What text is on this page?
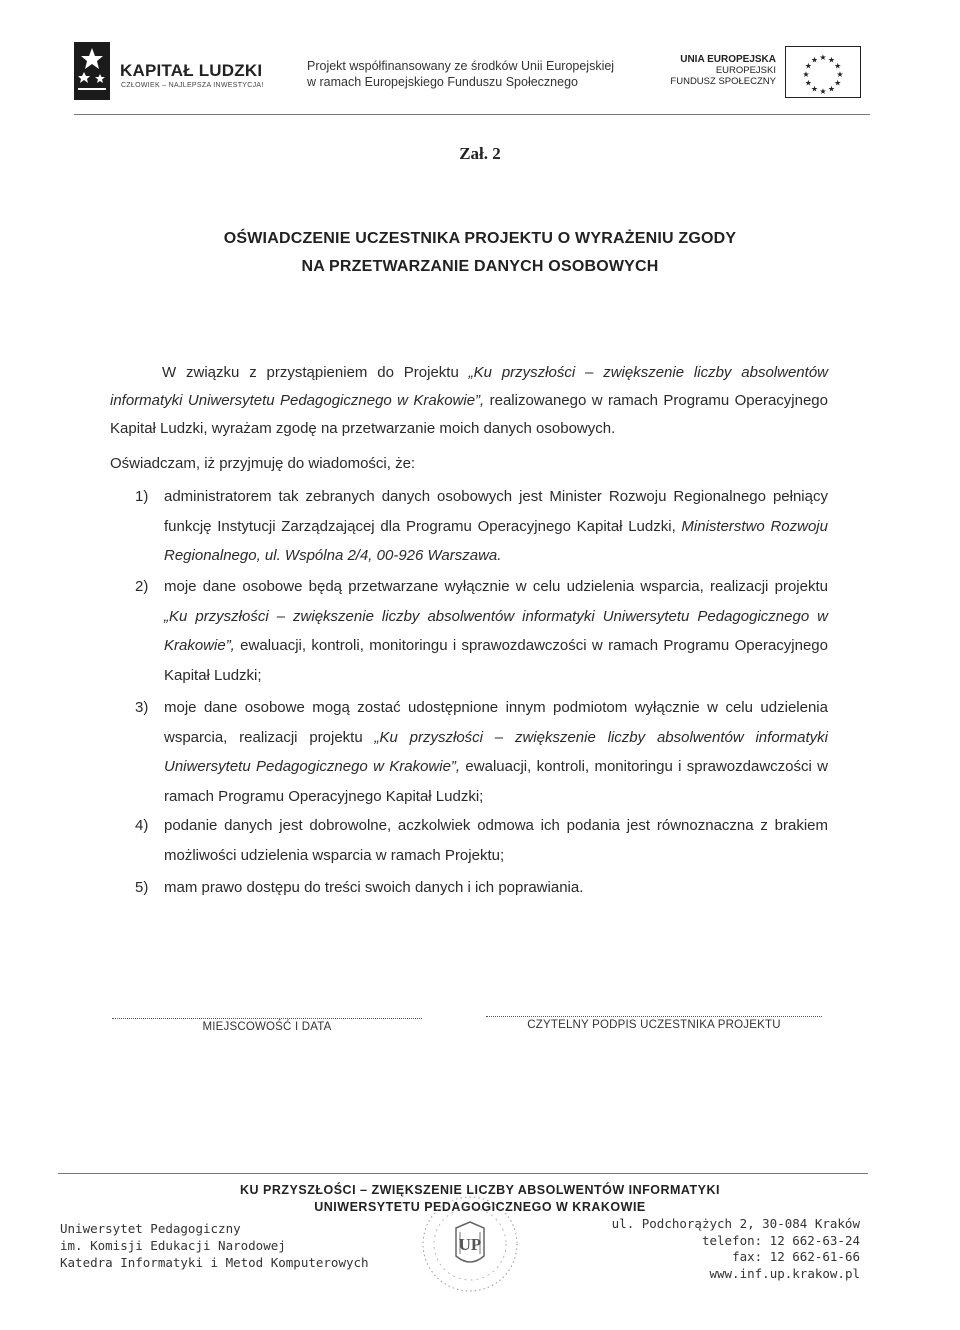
KAPITAŁ LUDZKI
CZŁOWIEK – NAJLEPSZA INWESTYCJA!
Projekt współfinansowany ze środków Unii Europejskiej
w ramach Europejskiego Funduszu Społecznego
UNIA EUROPEJSKA
EUROPEJSKI
FUNDUSZ SPOŁECZNY
★ ★
★
★
★
★
★
★
★
★
★
★
Zał. 2
OŚWIADCZENIE UCZESTNIKA PROJEKTU O WYRAŻENIU ZGODY
NA PRZETWARZANIE DANYCH OSOBOWYCH
W związku z przystąpieniem do Projektu „Ku przyszłości – zwiększenie liczby absolwentów informatyki Uniwersytetu Pedagogicznego w Krakowie”, realizowanego w ramach Programu Operacyjnego Kapitał Ludzki, wyrażam zgodę na przetwarzanie moich danych osobowych.
Oświadczam, iż przyjmuję do wiadomości, że:
1) administratorem tak zebranych danych osobowych jest Minister Rozwoju Regionalnego pełniący funkcję Instytucji Zarządzającej dla Programu Operacyjnego Kapitał Ludzki, Ministerstwo Rozwoju Regionalnego, ul. Wspólna 2/4, 00-926 Warszawa.
2) moje dane osobowe będą przetwarzane wyłącznie w celu udzielenia wsparcia, realizacji projektu „Ku przyszłości – zwiększenie liczby absolwentów informatyki Uniwersytetu Pedagogicznego w Krakowie”, ewaluacji, kontroli, monitoringu i sprawozdawczości w ramach Programu Operacyjnego Kapitał Ludzki;
3) moje dane osobowe mogą zostać udostępnione innym podmiotom wyłącznie w celu udzielenia wsparcia, realizacji projektu „Ku przyszłości – zwiększenie liczby absolwentów informatyki Uniwersytetu Pedagogicznego w Krakowie”, ewaluacji, kontroli, monitoringu i sprawozdawczości w ramach Programu Operacyjnego Kapitał Ludzki;
4) podanie danych jest dobrowolne, aczkolwiek odmowa ich podania jest równoznaczna z brakiem możliwości udzielenia wsparcia w ramach Projektu;
5) mam prawo dostępu do treści swoich danych i ich poprawiania.
MIEJSCOWOŚĆ I DATA	CZYTELNY PODPIS UCZESTNIKA PROJEKTU
KU PRZYSZŁOŚCI – ZWIĘKSZENIE LICZBY ABSOLWENTÓW INFORMATYKI
UNIWERSYTETU PEDAGOGICZNEGO W KRAKOWIE
Uniwersytet Pedagogiczny
im. Komisji Edukacji Narodowej
Katedra Informatyki i Metod Komputerowych
UP
ul. Podchorążych 2, 30-084 Kraków
telefon: 12 662-63-24
fax: 12 662-61-66
www.inf.up.krakow.pl
